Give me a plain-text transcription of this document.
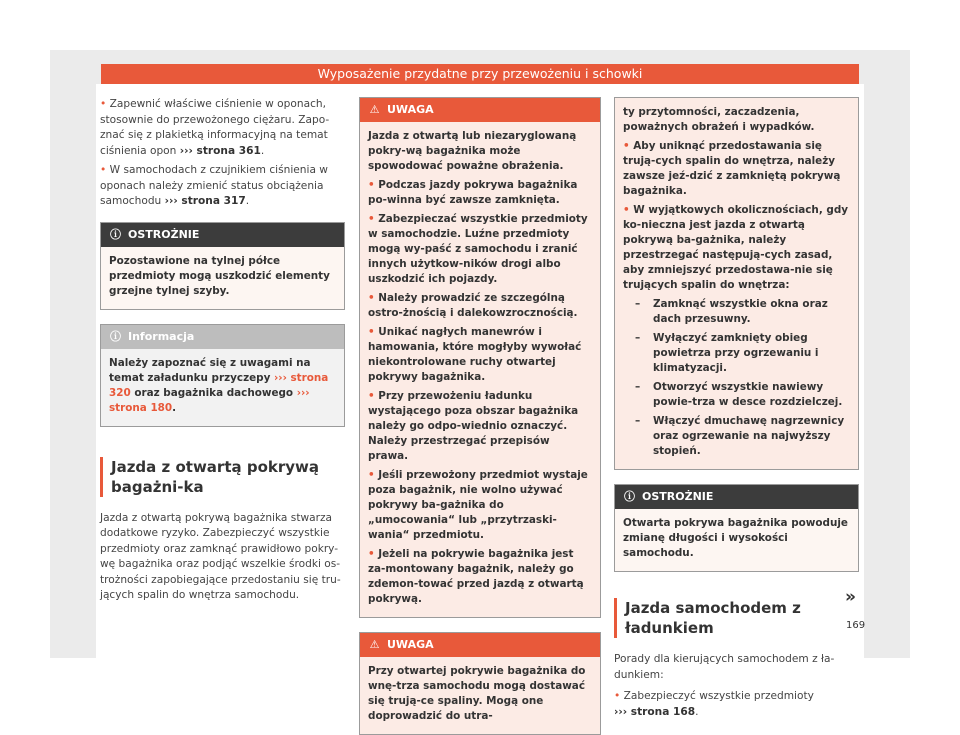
Wyposażenie przydatne przy przewożeniu i schowki

• Zapewnić właściwe ciśnienie w oponach, stosownie do przewożonego ciężaru. Zapo-znać się z plakietką informacyjną na temat ciśnienia opon ››› strona 361.

• W samochodach z czujnikiem ciśnienia w oponach należy zmienić status obciążenia samochodu ››› strona 317.

ⓘ OSTROŻNIE

Pozostawione na tylnej półce przedmioty mogą uszkodzić elementy grzejne tylnej szyby.

ⓘ Informacja

Należy zapoznać się z uwagami na temat załadunku przyczepy ››› strona 320 oraz bagażnika dachowego ››› strona 180.

Jazda z otwartą pokrywą bagażni-ka

Jazda z otwartą pokrywą bagażnika stwarza dodatkowe ryzyko. Zabezpieczyć wszystkie przedmioty oraz zamknąć prawidłowo pokry-wę bagażnika oraz podjąć wszelkie środki os-trożności zapobiegające przedostaniu się tru-jących spalin do wnętrza samochodu.

⚠ UWAGA

Jazda z otwartą lub niezaryglowaną pokry-wą bagażnika może spowodować poważne obrażenia.

• Podczas jazdy pokrywa bagażnika po-winna być zawsze zamknięta.

• Zabezpieczać wszystkie przedmioty w samochodzie. Luźne przedmioty mogą wy-paść z samochodu i zranić innych użytkow-ników drogi albo uszkodzić ich pojazdy.

• Należy prowadzić ze szczególną ostro-żnością i dalekowzrocznością.

• Unikać nagłych manewrów i hamowania, które mogłyby wywołać niekontrolowane ruchy otwartej pokrywy bagażnika.

• Przy przewożeniu ładunku wystającego poza obszar bagażnika należy go odpo-wiednio oznaczyć. Należy przestrzegać przepisów prawa.

• Jeśli przewożony przedmiot wystaje poza bagażnik, nie wolno używać pokrywy ba-gażnika do „umocowania“ lub „przytrzaski-wania“ przedmiotu.

• Jeżeli na pokrywie bagażnika jest za-montowany bagażnik, należy go zdemon-tować przed jazdą z otwartą pokrywą.

⚠ UWAGA

Przy otwartej pokrywie bagażnika do wnę-trza samochodu mogą dostawać się trują-ce spaliny. Mogą one doprowadzić do utra-

ty przytomności, zaczadzenia, poważnych obrażeń i wypadków.

• Aby uniknąć przedostawania się trują-cych spalin do wnętrza, należy zawsze jeź-dzić z zamkniętą pokrywą bagażnika.

• W wyjątkowych okolicznościach, gdy ko-nieczna jest jazda z otwartą pokrywą ba-gażnika, należy przestrzegać następują-cych zasad, aby zmniejszyć przedostawa-nie się trujących spalin do wnętrza:

– Zamknąć wszystkie okna oraz dach przesuwny.
– Wyłączyć zamknięty obieg powietrza przy ogrzewaniu i klimatyzacji.
– Otworzyć wszystkie nawiewy powie-trza w desce rozdzielczej.
– Włączyć dmuchawę nagrzewnicy oraz ogrzewanie na najwyższy stopień.
ⓘ OSTROŻNIE

Otwarta pokrywa bagażnika powoduje zmianę długości i wysokości samochodu.

Jazda samochodem z ładunkiem

Porady dla kierujących samochodem z ła-dunkiem:

• Zabezpieczyć wszystkie przedmioty
››› strona 168.

»
169
